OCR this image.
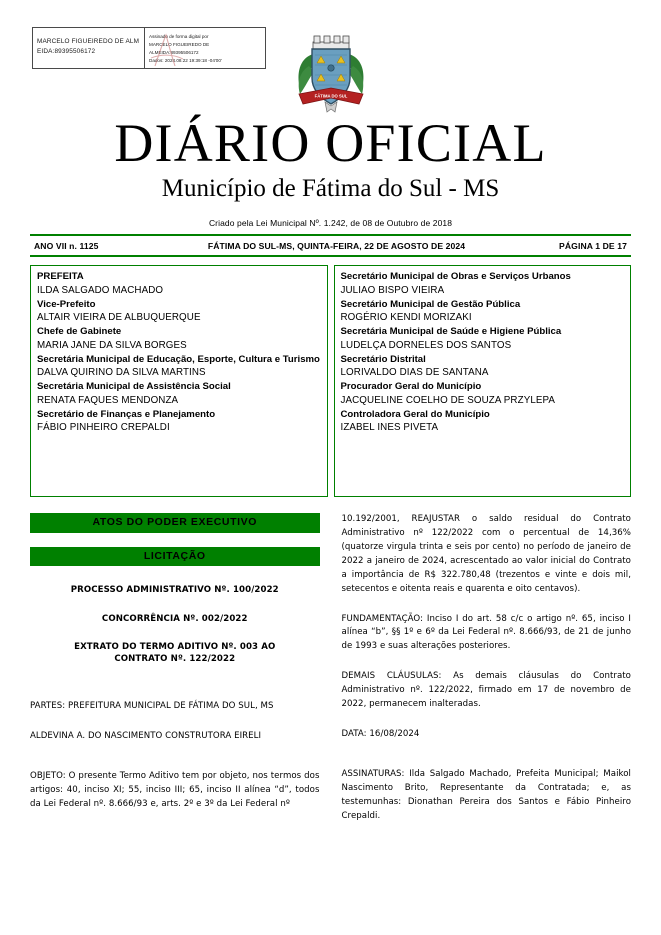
MARCELO FIGUEIREDO DE ALMEIDA:89395506172
Assinado de forma digital por
MARCELO FIGUEIREDO DE
ALMEIDA:89395506172
Dados: 2024.08.22 19:39:18 -04'00'
FÁTIMA DO SUL
DIÁRIO OFICIAL
Município de Fátima do Sul - MS
Criado pela Lei Municipal Nº. 1.242, de 08 de Outubro de 2018
ANO VII n. 1125	FÁTIMA DO SUL-MS, QUINTA-FEIRA, 22 DE AGOSTO DE 2024	PÁGINA 1 DE 17
PREFEITA
ILDA SALGADO MACHADO
Vice-Prefeito
ALTAIR VIEIRA DE ALBUQUERQUE
Chefe de Gabinete
MARIA JANE DA SILVA BORGES
Secretária Municipal de Educação, Esporte, Cultura e Turismo
DALVA QUIRINO DA SILVA MARTINS
Secretária Municipal de Assistência Social
RENATA FAQUES MENDONZA
Secretário de Finanças e Planejamento
FÁBIO PINHEIRO CREPALDI
Secretário Municipal de Obras e Serviços Urbanos
JULIAO BISPO VIEIRA
Secretário Municipal de Gestão Pública
ROGÉRIO KENDI MORIZAKI
Secretária Municipal de Saúde e Higiene Pública
LUDELÇA DORNELES DOS SANTOS
Secretário Distrital
LORIVALDO DIAS DE SANTANA
Procurador Geral do Município
JACQUELINE COELHO DE SOUZA PRZYLEPA
Controladora Geral do Município
IZABEL INES PIVETA
ATOS DO PODER EXECUTIVO
LICITAÇÃO
PROCESSO ADMINISTRATIVO Nº. 100/2022
CONCORRÊNCIA Nº. 002/2022
EXTRATO DO TERMO ADITIVO Nº. 003 AO
CONTRATO Nº. 122/2022
PARTES: PREFEITURA MUNICIPAL DE FÁTIMA DO SUL, MS
ALDEVINA A. DO NASCIMENTO CONSTRUTORA EIRELI
OBJETO: O presente Termo Aditivo tem por objeto, nos termos dos artigos: 40, inciso XI; 55, inciso III; 65, inciso II alínea “d”, todos da Lei Federal nº. 8.666/93 e, arts. 2º e 3º da Lei Federal nº
10.192/2001, REAJUSTAR o saldo residual do Contrato Administrativo nº 122/2022 com o percentual de 14,36% (quatorze virgula trinta e seis por cento) no período de janeiro de 2022 a janeiro de 2024, acrescentado ao valor inicial do Contrato a importância de R$ 322.780,48 (trezentos e vinte e dois mil, setecentos e oitenta reais e quarenta e oito centavos).
FUNDAMENTAÇÃO: Inciso I do art. 58 c/c o artigo nº. 65, inciso I alínea “b”, §§ 1º e 6º da Lei Federal nº. 8.666/93, de 21 de junho de 1993 e suas alterações posteriores.
DEMAIS CLÁUSULAS: As demais cláusulas do Contrato Administrativo nº. 122/2022, firmado em 17 de novembro de 2022, permanecem inalteradas.
DATA: 16/08/2024
ASSINATURAS: Ilda Salgado Machado, Prefeita Municipal; Maikol Nascimento Brito, Representante da Contratada; e, as testemunhas: Dionathan Pereira dos Santos e Fábio Pinheiro Crepaldi.
